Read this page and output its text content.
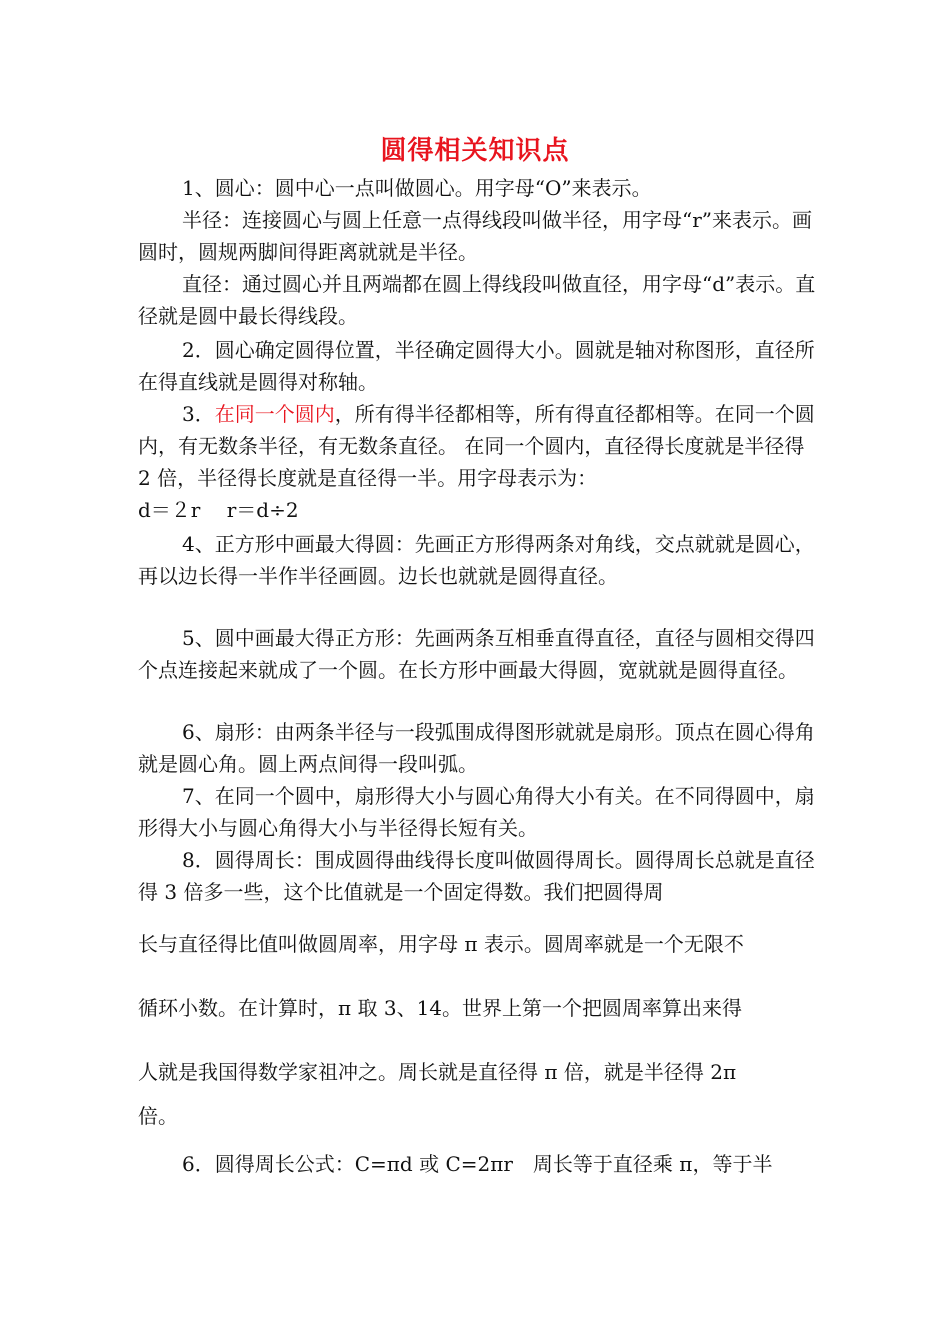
圆得相关知识点

1、圆心：圆中心一点叫做圆心。用字母“O”来表示。

半径：连接圆心与圆上任意一点得线段叫做半径，用字母“r”来表示。画圆时，圆规两脚间得距离就就是半径。

直径：通过圆心并且两端都在圆上得线段叫做直径，用字母“d”表示。直径就是圆中最长得线段。

2．圆心确定圆得位置，半径确定圆得大小。圆就是轴对称图形，直径所在得直线就是圆得对称轴。

3．在同一个圆内，所有得半径都相等，所有得直径都相等。在同一个圆内，有无数条半径，有无数条直径。 在同一个圆内，直径得长度就是半径得 2 倍，半径得长度就是直径得一半。用字母表示为：

d＝２r　 r＝d÷2

4、正方形中画最大得圆：先画正方形得两条对角线，交点就就是圆心，再以边长得一半作半径画圆。边长也就就是圆得直径。

5、圆中画最大得正方形：先画两条互相垂直得直径，直径与圆相交得四个点连接起来就成了一个圆。在长方形中画最大得圆，宽就就是圆得直径。

6、扇形：由两条半径与一段弧围成得图形就就是扇形。顶点在圆心得角就是圆心角。圆上两点间得一段叫弧。

7、在同一个圆中，扇形得大小与圆心角得大小有关。在不同得圆中，扇形得大小与圆心角得大小与半径得长短有关。

8．圆得周长：围成圆得曲线得长度叫做圆得周长。圆得周长总就是直径得 3 倍多一些，这个比值就是一个固定得数。我们把圆得周

长与直径得比值叫做圆周率，用字母 π 表示。圆周率就是一个无限不

循环小数。在计算时，π 取 3、14。世界上第一个把圆周率算出来得

人就是我国得数学家祖冲之。周长就是直径得 π 倍，就是半径得 2π

倍。

6．圆得周长公式：C=πd 或 C=2πr　周长等于直径乘 π，等于半
